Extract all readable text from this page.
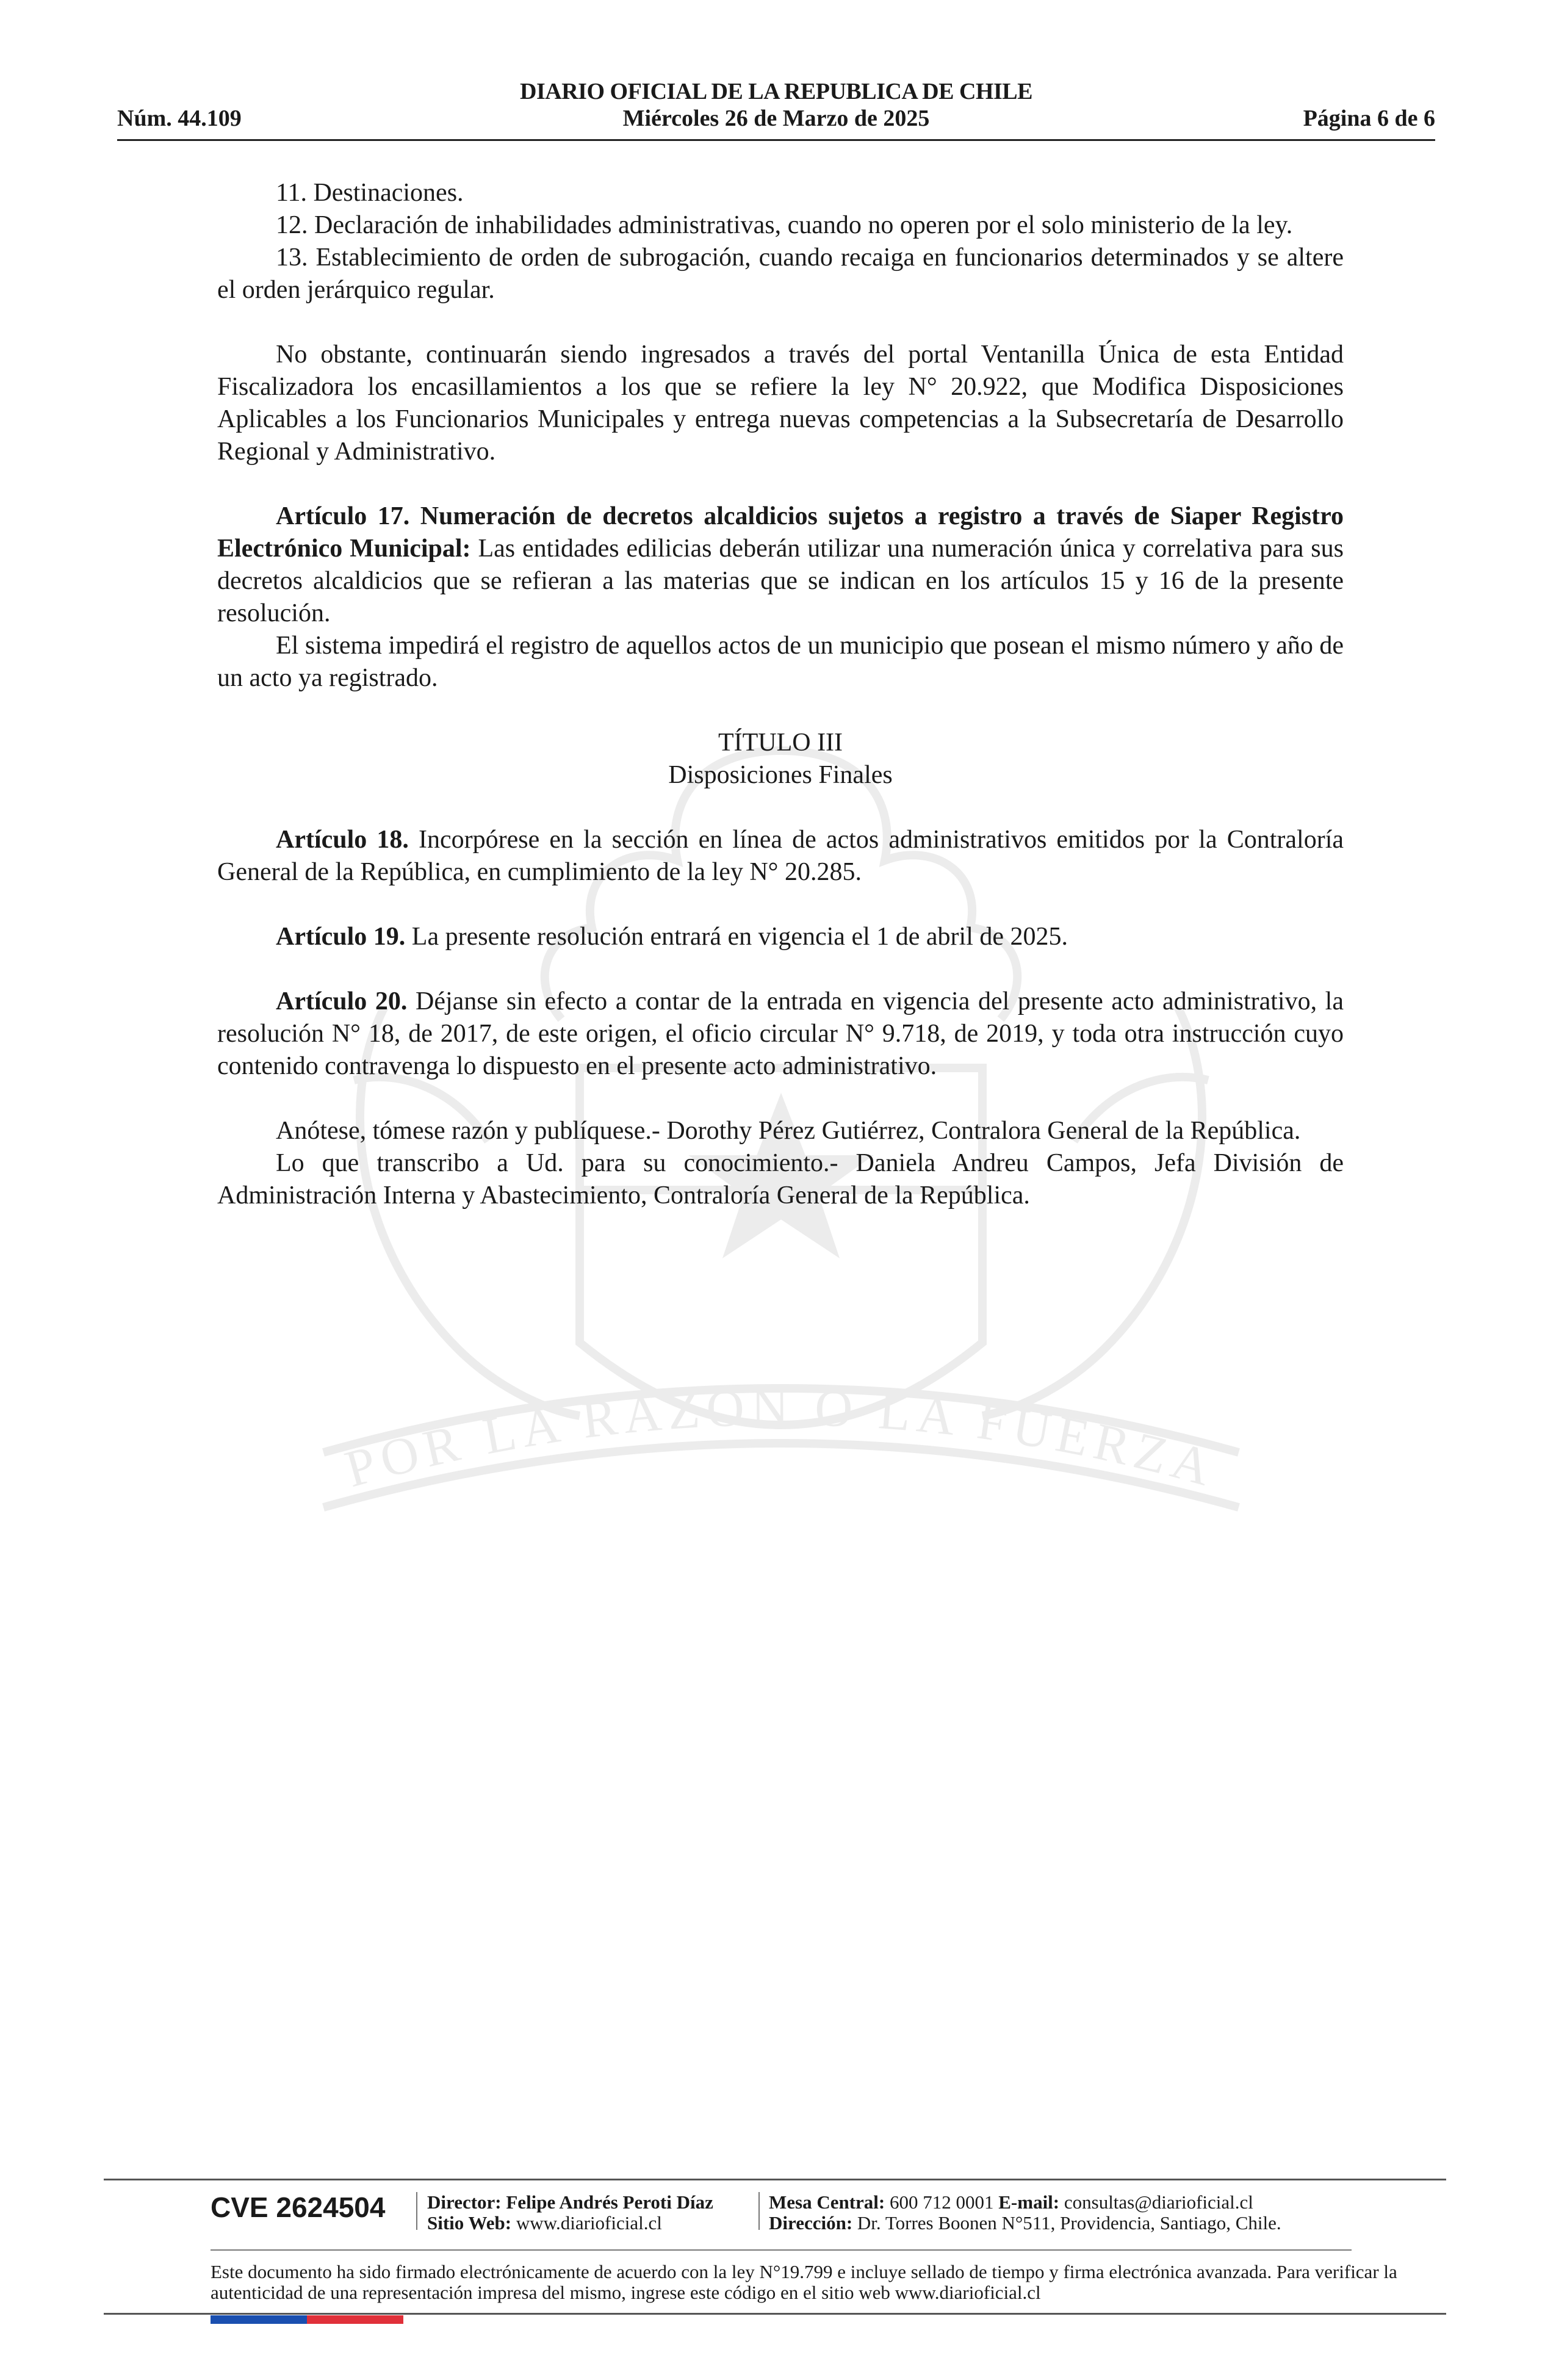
POR LA RAZON O LA FUERZA
DIARIO OFICIAL DE LA REPUBLICA DE CHILE
Núm. 44.109	Miércoles 26 de Marzo de 2025	Página 6 de 6

11. Destinaciones.

12. Declaración de inhabilidades administrativas, cuando no operen por el solo ministerio de la ley.

13. Establecimiento de orden de subrogación, cuando recaiga en funcionarios determinados y se altere el orden jerárquico regular.

No obstante, continuarán siendo ingresados a través del portal Ventanilla Única de esta Entidad Fiscalizadora los encasillamientos a los que se refiere la ley N° 20.922, que Modifica Disposiciones Aplicables a los Funcionarios Municipales y entrega nuevas competencias a la Subsecretaría de Desarrollo Regional y Administrativo.

Artículo 17. Numeración de decretos alcaldicios sujetos a registro a través de Siaper Registro Electrónico Municipal: Las entidades edilicias deberán utilizar una numeración única y correlativa para sus decretos alcaldicios que se refieran a las materias que se indican en los artículos 15 y 16 de la presente resolución.

El sistema impedirá el registro de aquellos actos de un municipio que posean el mismo número y año de un acto ya registrado.

TÍTULO III

Disposiciones Finales

Artículo 18. Incorpórese en la sección en línea de actos administrativos emitidos por la Contraloría General de la República, en cumplimiento de la ley N° 20.285.

Artículo 19. La presente resolución entrará en vigencia el 1 de abril de 2025.

Artículo 20. Déjanse sin efecto a contar de la entrada en vigencia del presente acto administrativo, la resolución N° 18, de 2017, de este origen, el oficio circular N° 9.718, de 2019, y toda otra instrucción cuyo contenido contravenga lo dispuesto en el presente acto administrativo.

Anótese, tómese razón y publíquese.- Dorothy Pérez Gutiérrez, Contralora General de la República.

Lo que transcribo a Ud. para su conocimiento.- Daniela Andreu Campos, Jefa División de Administración Interna y Abastecimiento, Contraloría General de la República.

CVE 2624504 Director: Felipe Andrés Peroti Díaz
Sitio Web: www.diarioficial.cl
Mesa Central: 600 712 0001 E-mail: consultas@diarioficial.cl
Dirección: Dr. Torres Boonen N°511, Providencia, Santiago, Chile.
Este documento ha sido firmado electrónicamente de acuerdo con la ley N°19.799 e incluye sellado de tiempo y firma electrónica avanzada. Para verificar la autenticidad de una representación impresa del mismo, ingrese este código en el sitio web www.diarioficial.cl
